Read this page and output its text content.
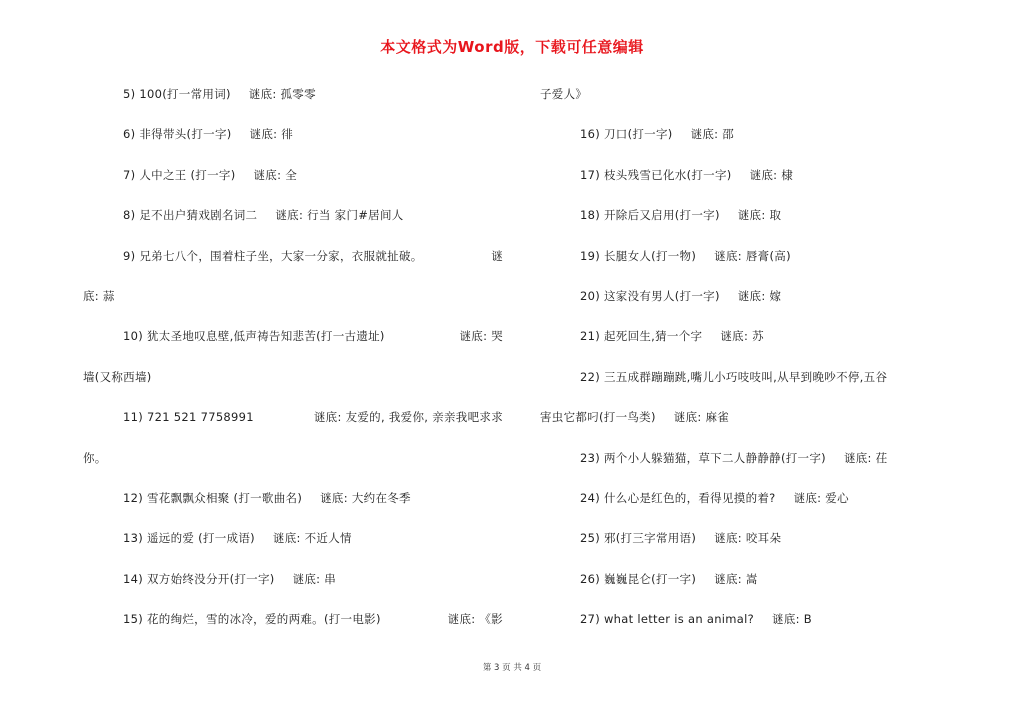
本文格式为Word版，下载可任意编辑
5) 100(打一常用词) 谜底: 孤零零
6) 非得带头(打一字) 谜底: 徘
7) 人中之王 (打一字) 谜底: 全
8) 足不出户猜戏剧名词二 谜底: 行当 家门#居间人
9) 兄弟七八个，围着柱子坐，大家一分家，衣服就扯破。	谜
底: 蒜
10) 犹太圣地叹息壁,低声祷告知悲苦(打一古遗址)	谜底: 哭
墙(又称西墙)
11) 721 521 7758991	谜底: 友爱的, 我爱你, 亲亲我吧求求
你。
12) 雪花飘飘众相聚 (打一歌曲名) 谜底: 大约在冬季
13) 遥远的爱 (打一成语) 谜底: 不近人情
14) 双方始终没分开(打一字) 谜底: 串
15) 花的绚烂，雪的冰冷，爱的两难。(打一电影)	谜底: 《影
子爱人》
16) 刀口(打一字) 谜底: 邵
17) 枝头残雪已化水(打一字) 谜底: 棣
18) 开除后又启用(打一字) 谜底: 取
19) 长腿女人(打一物) 谜底: 唇膏(高)
20) 这家没有男人(打一字) 谜底: 嫁
21) 起死回生,猜一个字 谜底: 苏
22) 三五成群蹦蹦跳,嘴儿小巧吱吱叫,从早到晚吵不停,五谷
害虫它都叼(打一鸟类) 谜底: 麻雀
23) 两个小人躲猫猫，草下二人静静静(打一字) 谜底: 茌
24) 什么心是红色的，看得见摸的着? 谜底: 爱心
25) 邪(打三字常用语) 谜底: 咬耳朵
26) 巍巍昆仑(打一字) 谜底: 嵩
27) what letter is an animal? 谜底: B
第 3 页 共 4 页
